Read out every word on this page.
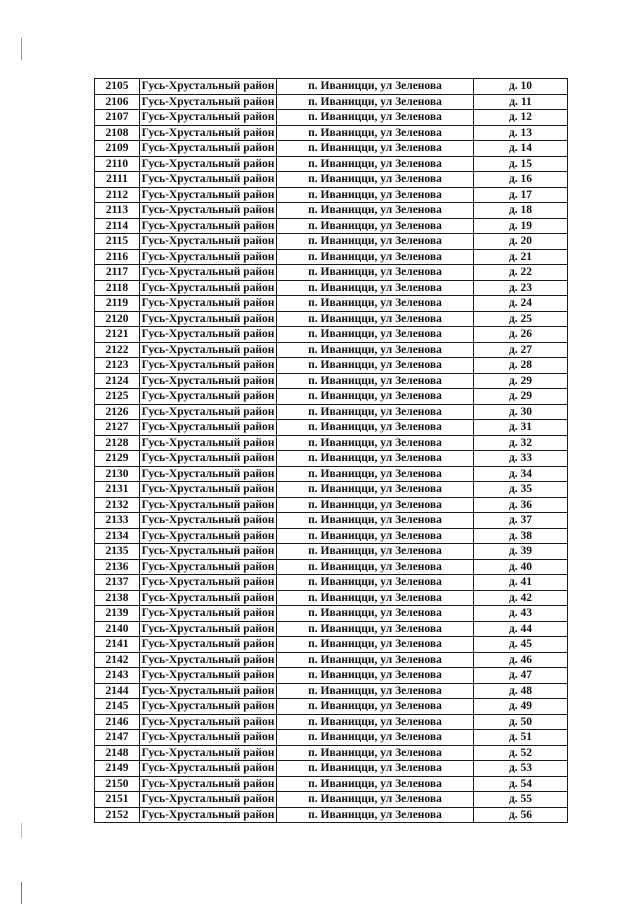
2105	Гусь-Хрустальный район	п. Иваницци, ул Зеленова	д. 10
2106	Гусь-Хрустальный район	п. Иваницци, ул Зеленова	д. 11
2107	Гусь-Хрустальный район	п. Иваницци, ул Зеленова	д. 12
2108	Гусь-Хрустальный район	п. Иваницци, ул Зеленова	д. 13
2109	Гусь-Хрустальный район	п. Иваницци, ул Зеленова	д. 14
2110	Гусь-Хрустальный район	п. Иваницци, ул Зеленова	д. 15
2111	Гусь-Хрустальный район	п. Иваницци, ул Зеленова	д. 16
2112	Гусь-Хрустальный район	п. Иваницци, ул Зеленова	д. 17
2113	Гусь-Хрустальный район	п. Иваницци, ул Зеленова	д. 18
2114	Гусь-Хрустальный район	п. Иваницци, ул Зеленова	д. 19
2115	Гусь-Хрустальный район	п. Иваницци, ул Зеленова	д. 20
2116	Гусь-Хрустальный район	п. Иваницци, ул Зеленова	д. 21
2117	Гусь-Хрустальный район	п. Иваницци, ул Зеленова	д. 22
2118	Гусь-Хрустальный район	п. Иваницци, ул Зеленова	д. 23
2119	Гусь-Хрустальный район	п. Иваницци, ул Зеленова	д. 24
2120	Гусь-Хрустальный район	п. Иваницци, ул Зеленова	д. 25
2121	Гусь-Хрустальный район	п. Иваницци, ул Зеленова	д. 26
2122	Гусь-Хрустальный район	п. Иваницци, ул Зеленова	д. 27
2123	Гусь-Хрустальный район	п. Иваницци, ул Зеленова	д. 28
2124	Гусь-Хрустальный район	п. Иваницци, ул Зеленова	д. 29
2125	Гусь-Хрустальный район	п. Иваницци, ул Зеленова	д. 29
2126	Гусь-Хрустальный район	п. Иваницци, ул Зеленова	д. 30
2127	Гусь-Хрустальный район	п. Иваницци, ул Зеленова	д. 31
2128	Гусь-Хрустальный район	п. Иваницци, ул Зеленова	д. 32
2129	Гусь-Хрустальный район	п. Иваницци, ул Зеленова	д. 33
2130	Гусь-Хрустальный район	п. Иваницци, ул Зеленова	д. 34
2131	Гусь-Хрустальный район	п. Иваницци, ул Зеленова	д. 35
2132	Гусь-Хрустальный район	п. Иваницци, ул Зеленова	д. 36
2133	Гусь-Хрустальный район	п. Иваницци, ул Зеленова	д. 37
2134	Гусь-Хрустальный район	п. Иваницци, ул Зеленова	д. 38
2135	Гусь-Хрустальный район	п. Иваницци, ул Зеленова	д. 39
2136	Гусь-Хрустальный район	п. Иваницци, ул Зеленова	д. 40
2137	Гусь-Хрустальный район	п. Иваницци, ул Зеленова	д. 41
2138	Гусь-Хрустальный район	п. Иваницци, ул Зеленова	д. 42
2139	Гусь-Хрустальный район	п. Иваницци, ул Зеленова	д. 43
2140	Гусь-Хрустальный район	п. Иваницци, ул Зеленова	д. 44
2141	Гусь-Хрустальный район	п. Иваницци, ул Зеленова	д. 45
2142	Гусь-Хрустальный район	п. Иваницци, ул Зеленова	д. 46
2143	Гусь-Хрустальный район	п. Иваницци, ул Зеленова	д. 47
2144	Гусь-Хрустальный район	п. Иваницци, ул Зеленова	д. 48
2145	Гусь-Хрустальный район	п. Иваницци, ул Зеленова	д. 49
2146	Гусь-Хрустальный район	п. Иваницци, ул Зеленова	д. 50
2147	Гусь-Хрустальный район	п. Иваницци, ул Зеленова	д. 51
2148	Гусь-Хрустальный район	п. Иваницци, ул Зеленова	д. 52
2149	Гусь-Хрустальный район	п. Иваницци, ул Зеленова	д. 53
2150	Гусь-Хрустальный район	п. Иваницци, ул Зеленова	д. 54
2151	Гусь-Хрустальный район	п. Иваницци, ул Зеленова	д. 55
2152	Гусь-Хрустальный район	п. Иваницци, ул Зеленова	д. 56
